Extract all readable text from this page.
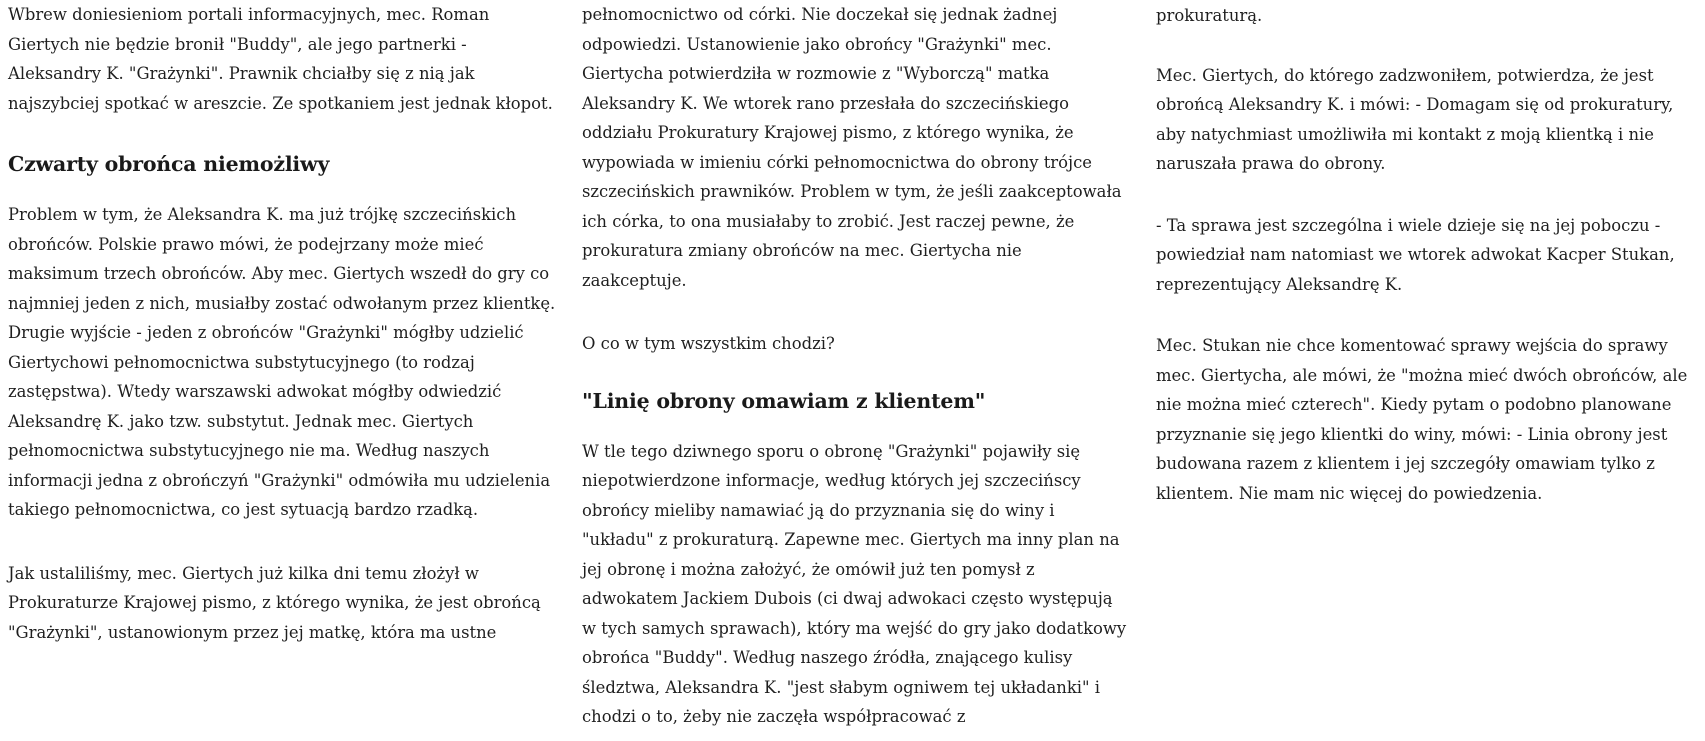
Wbrew doniesieniom portali informacyjnych, mec. Roman Giertych nie będzie bronił "Buddy", ale jego partnerki - Aleksandry K. "Grażynki". Prawnik chciałby się z nią jak najszybciej spotkać w areszcie. Ze spotkaniem jest jednak kłopot.

Czwarty obrońca niemożliwy

Problem w tym, że Aleksandra K. ma już trójkę szczecińskich obrońców. Polskie prawo mówi, że podejrzany może mieć maksimum trzech obrońców. Aby mec. Giertych wszedł do gry co najmniej jeden z nich, musiałby zostać odwołanym przez klientkę. Drugie wyjście - jeden z obrońców "Grażynki" mógłby udzielić Giertychowi pełnomocnictwa substytucyjnego (to rodzaj zastępstwa). Wtedy warszawski adwokat mógłby odwiedzić Aleksandrę K. jako tzw. substytut. Jednak mec. Giertych pełnomocnictwa substytucyjnego nie ma. Według naszych informacji jedna z obrończyń "Grażynki" odmówiła mu udzielenia takiego pełnomocnictwa, co jest sytuacją bardzo rzadką.

Jak ustaliliśmy, mec. Giertych już kilka dni temu złożył w Prokuraturze Krajowej pismo, z którego wynika, że jest obrońcą "Grażynki", ustanowionym przez jej matkę, która ma ustne

pełnomocnictwo od córki. Nie doczekał się jednak żadnej odpowiedzi. Ustanowienie jako obrońcy "Grażynki" mec. Giertycha potwierdziła w rozmowie z "Wyborczą" matka Aleksandry K. We wtorek rano przesłała do szczecińskiego oddziału Prokuratury Krajowej pismo, z którego wynika, że wypowiada w imieniu córki pełnomocnictwa do obrony trójce szczecińskich prawników. Problem w tym, że jeśli zaakceptowała ich córka, to ona musiałaby to zrobić. Jest raczej pewne, że prokuratura zmiany obrońców na mec. Giertycha nie zaakceptuje.

O co w tym wszystkim chodzi?

"Linię obrony omawiam z klientem"

W tle tego dziwnego sporu o obronę "Grażynki" pojawiły się niepotwierdzone informacje, według których jej szczecińscy obrońcy mieliby namawiać ją do przyznania się do winy i "układu" z prokuraturą. Zapewne mec. Giertych ma inny plan na jej obronę i można założyć, że omówił już ten pomysł z adwokatem Jackiem Dubois (ci dwaj adwokaci często występują w tych samych sprawach), który ma wejść do gry jako dodatkowy obrońca "Buddy". Według naszego źródła, znającego kulisy śledztwa, Aleksandra K. "jest słabym ogniwem tej układanki" i chodzi o to, żeby nie zaczęła współpracować z

prokuraturą.

Mec. Giertych, do którego zadzwoniłem, potwierdza, że jest obrońcą Aleksandry K. i mówi: - Domagam się od prokuratury, aby natychmiast umożliwiła mi kontakt z moją klientką i nie naruszała prawa do obrony.

- Ta sprawa jest szczególna i wiele dzieje się na jej poboczu - powiedział nam natomiast we wtorek adwokat Kacper Stukan, reprezentujący Aleksandrę K.

Mec. Stukan nie chce komentować sprawy wejścia do sprawy mec. Giertycha, ale mówi, że "można mieć dwóch obrońców, ale nie można mieć czterech". Kiedy pytam o podobno planowane przyznanie się jego klientki do winy, mówi: - Linia obrony jest budowana razem z klientem i jej szczegóły omawiam tylko z klientem. Nie mam nic więcej do powiedzenia.
